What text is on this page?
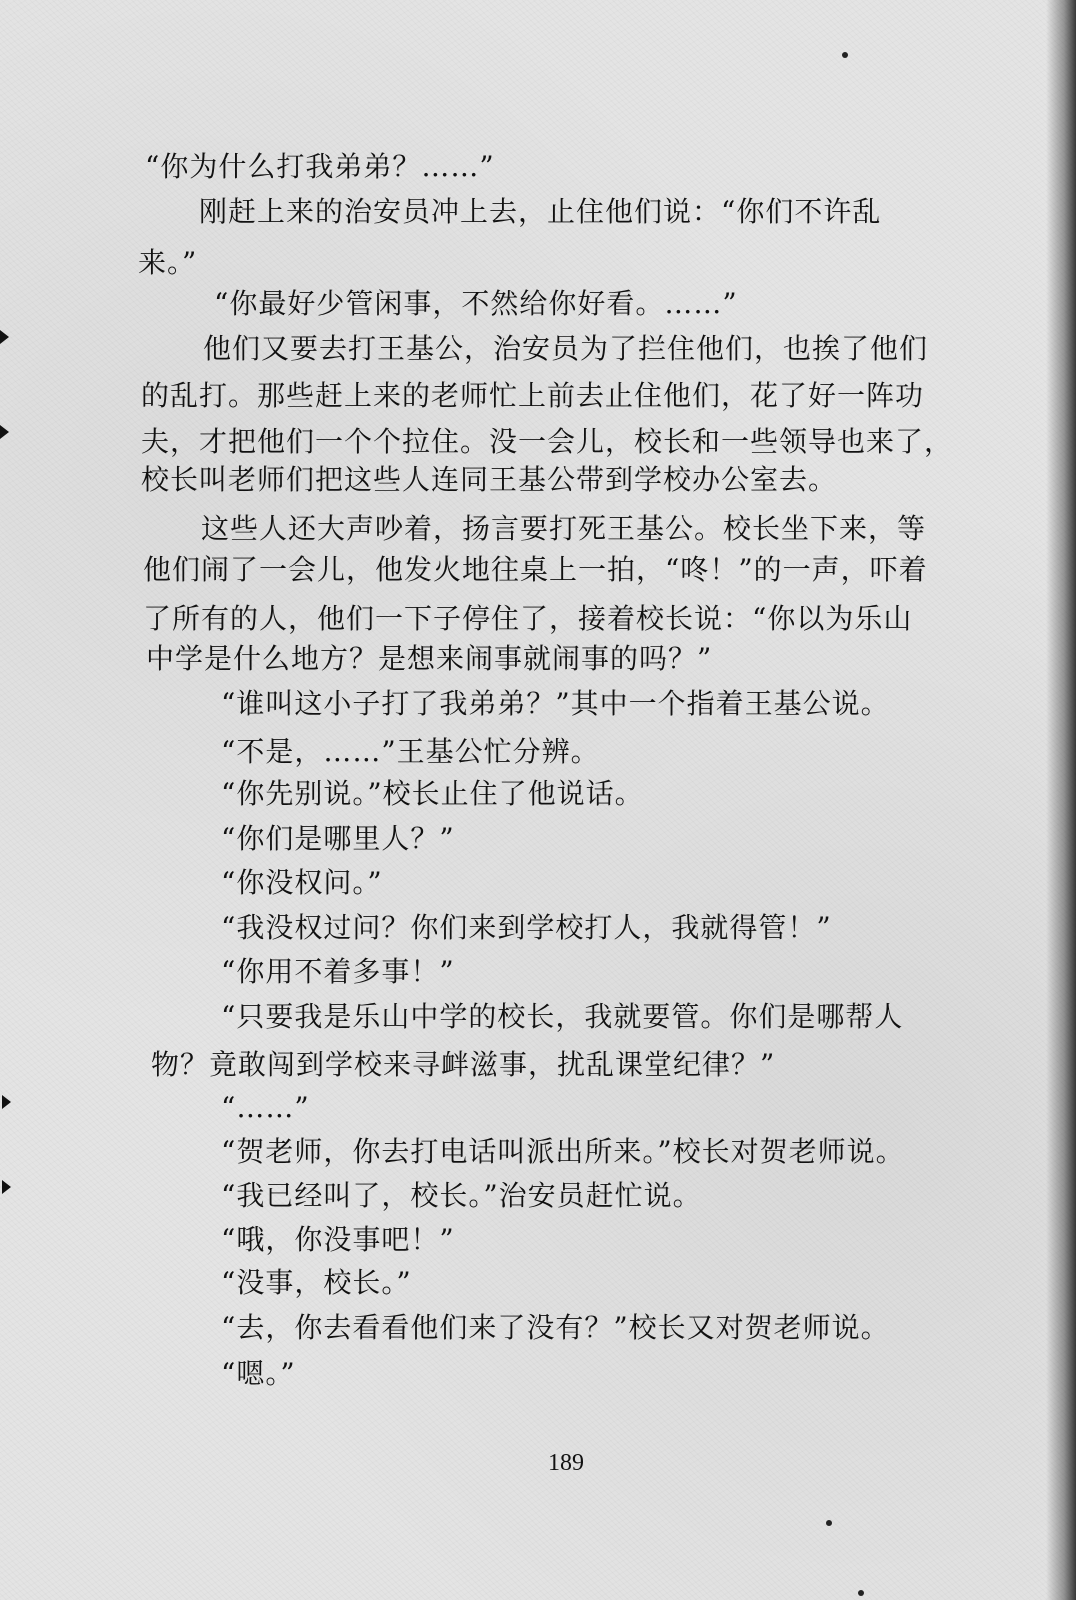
“你为什么打我弟弟？……”
刚赶上来的治安员冲上去，止住他们说：“你们不许乱
来。”
“你最好少管闲事，不然给你好看。……”
他们又要去打王基公，治安员为了拦住他们，也挨了他们
的乱打。那些赶上来的老师忙上前去止住他们，花了好一阵功
夫，才把他们一个个拉住。没一会儿，校长和一些领导也来了，
校长叫老师们把这些人连同王基公带到学校办公室去。
这些人还大声吵着，扬言要打死王基公。校长坐下来，等
他们闹了一会儿，他发火地往桌上一拍，“咚！”的一声，吓着
了所有的人，他们一下子停住了，接着校长说：“你以为乐山
中学是什么地方？是想来闹事就闹事的吗？”
“谁叫这小子打了我弟弟？”其中一个指着王基公说。
“不是，……”王基公忙分辨。
“你先别说。”校长止住了他说话。
“你们是哪里人？”
“你没权问。”
“我没权过问？你们来到学校打人，我就得管！”
“你用不着多事！”
“只要我是乐山中学的校长，我就要管。你们是哪帮人
物？竟敢闯到学校来寻衅滋事，扰乱课堂纪律？”
“……”
“贺老师，你去打电话叫派出所来。”校长对贺老师说。
“我已经叫了，校长。”治安员赶忙说。
“哦，你没事吧！”
“没事，校长。”
“去，你去看看他们来了没有？”校长又对贺老师说。
“嗯。”
189
